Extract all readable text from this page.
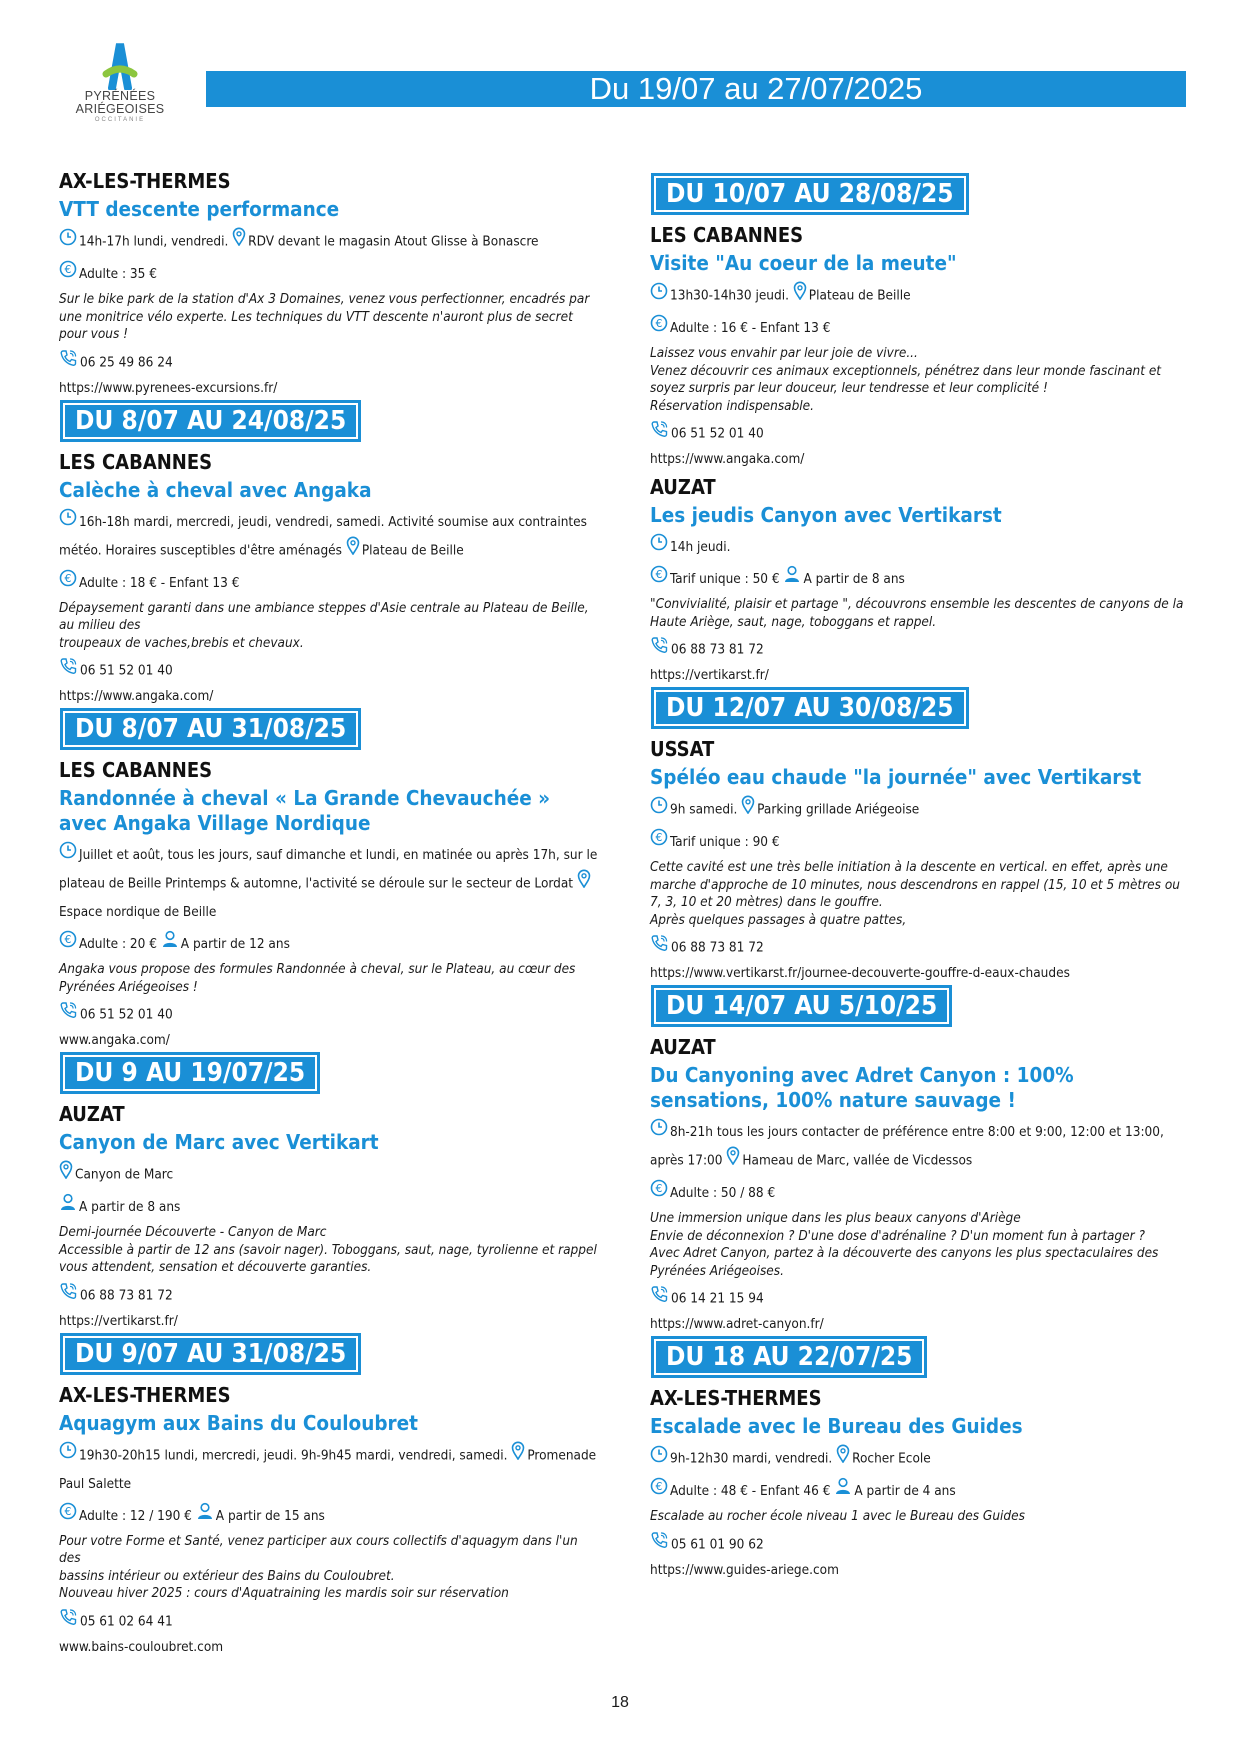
PYRÉNÉES
ARIÉGEOISES
OCCITANIE
Du 19/07 au 27/07/2025
AX-LES-THERMES
VTT descente performance
14h-17h lundi, vendredi. RDV devant le magasin Atout Glisse à Bonascre
€ Adulte : 35 €
Sur le bike park de la station d'Ax 3 Domaines, venez vous perfectionner, encadrés par
une monitrice vélo experte. Les techniques du VTT descente n'auront plus de secret
pour vous !
06 25 49 86 24
https://www.pyrenees-excursions.fr/
DU 8/07 AU 24/08/25
LES CABANNES
Calèche à cheval avec Angaka
16h-18h mardi, mercredi, jeudi, vendredi, samedi. Activité soumise aux contraintes météo. Horaires susceptibles d'être aménagés Plateau de Beille
€ Adulte : 18 € - Enfant 13 €
Dépaysement garanti dans une ambiance steppes d'Asie centrale au Plateau de Beille,
au milieu des
troupeaux de vaches,brebis et chevaux.
06 51 52 01 40
https://www.angaka.com/
DU 8/07 AU 31/08/25
LES CABANNES
Randonnée à cheval « La Grande Chevauchée » avec Angaka Village Nordique
Juillet et août, tous les jours, sauf dimanche et lundi, en matinée ou après 17h, sur le plateau de Beille Printemps & automne, l'activité se déroule sur le secteur de Lordat Espace nordique de Beille
€ Adulte : 20 € A partir de 12 ans
Angaka vous propose des formules Randonnée à cheval, sur le Plateau, au cœur des
Pyrénées Ariégeoises !
06 51 52 01 40
www.angaka.com/
DU 9 AU 19/07/25
AUZAT
Canyon de Marc avec Vertikart
Canyon de Marc
A partir de 8 ans
Demi-journée Découverte - Canyon de Marc
Accessible à partir de 12 ans (savoir nager). Toboggans, saut, nage, tyrolienne et rappel
vous attendent, sensation et découverte garanties.
06 88 73 81 72
https://vertikarst.fr/
DU 9/07 AU 31/08/25
AX-LES-THERMES
Aquagym aux Bains du Couloubret
19h30-20h15 lundi, mercredi, jeudi. 9h-9h45 mardi, vendredi, samedi. Promenade Paul Salette
€ Adulte : 12 / 190 € A partir de 15 ans
Pour votre Forme et Santé, venez participer aux cours collectifs d'aquagym dans l'un des
bassins intérieur ou extérieur des Bains du Couloubret.
Nouveau hiver 2025 : cours d'Aquatraining les mardis soir sur réservation
05 61 02 64 41
www.bains-couloubret.com
DU 10/07 AU 28/08/25
LES CABANNES
Visite "Au coeur de la meute"
13h30-14h30 jeudi. Plateau de Beille
€ Adulte : 16 € - Enfant 13 €
Laissez vous envahir par leur joie de vivre...
Venez découvrir ces animaux exceptionnels, pénétrez dans leur monde fascinant et
soyez surpris par leur douceur, leur tendresse et leur complicité !
Réservation indispensable.
06 51 52 01 40
https://www.angaka.com/
AUZAT
Les jeudis Canyon avec Vertikarst
14h jeudi.
€ Tarif unique : 50 € A partir de 8 ans
"Convivialité, plaisir et partage ", découvrons ensemble les descentes de canyons de la
Haute Ariège, saut, nage, toboggans et rappel.
06 88 73 81 72
https://vertikarst.fr/
DU 12/07 AU 30/08/25
USSAT
Spéléo eau chaude "la journée" avec Vertikarst
9h samedi. Parking grillade Ariégeoise
€ Tarif unique : 90 €
Cette cavité est une très belle initiation à la descente en vertical. en effet, après une
marche d'approche de 10 minutes, nous descendrons en rappel (15, 10 et 5 mètres ou
7, 3, 10 et 20 mètres) dans le gouffre.
Après quelques passages à quatre pattes,
06 88 73 81 72
https://www.vertikarst.fr/journee-decouverte-gouffre-d-eaux-chaudes
DU 14/07 AU 5/10/25
AUZAT
Du Canyoning avec Adret Canyon : 100% sensations, 100% nature sauvage !
8h-21h tous les jours contacter de préférence entre 8:00 et 9:00, 12:00 et 13:00, après 17:00 Hameau de Marc, vallée de Vicdessos
€ Adulte : 50 / 88 €
Une immersion unique dans les plus beaux canyons d'Ariège
Envie de déconnexion ? D'une dose d'adrénaline ? D'un moment fun à partager ?
Avec Adret Canyon, partez à la découverte des canyons les plus spectaculaires des
Pyrénées Ariégeoises.
06 14 21 15 94
https://www.adret-canyon.fr/
DU 18 AU 22/07/25
AX-LES-THERMES
Escalade avec le Bureau des Guides
9h-12h30 mardi, vendredi. Rocher Ecole
€ Adulte : 48 € - Enfant 46 € A partir de 4 ans
Escalade au rocher école niveau 1 avec le Bureau des Guides
05 61 01 90 62
https://www.guides-ariege.com
18
